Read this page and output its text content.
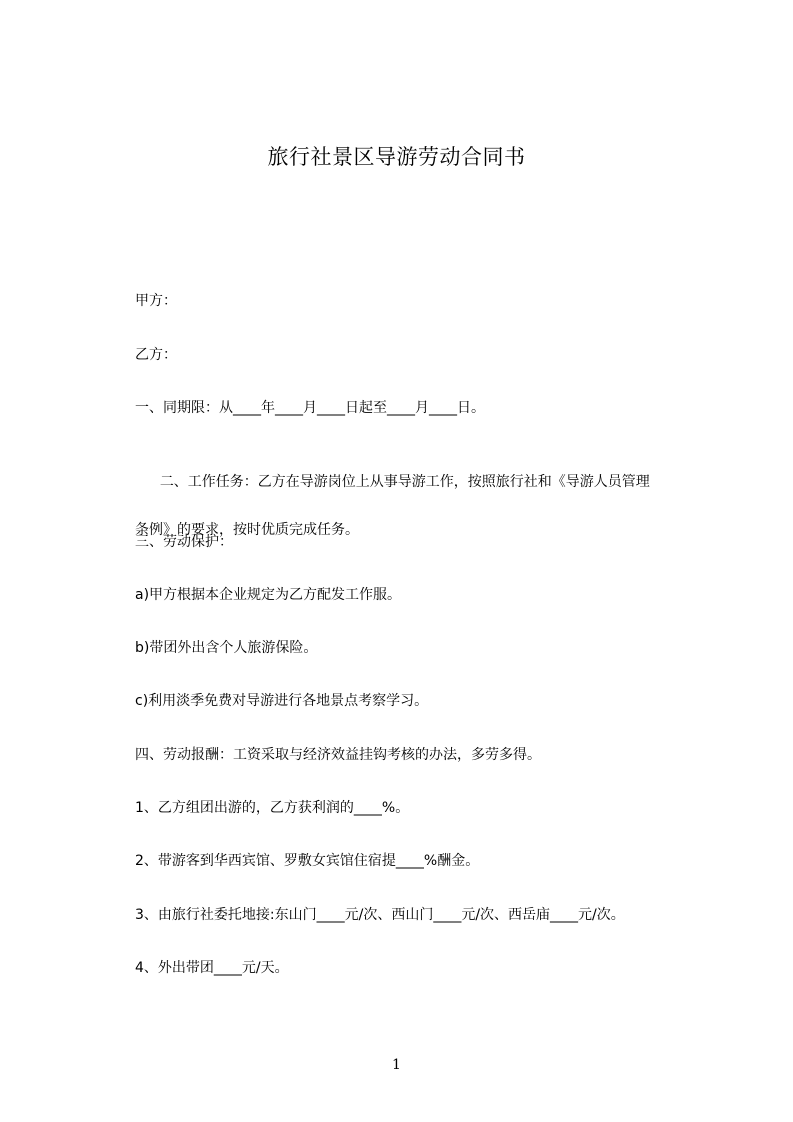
旅行社景区导游劳动合同书
甲方：
乙方：
一、同期限：从____年____月____日起至____月____日。

二、工作任务：乙方在导游岗位上从事导游工作，按照旅行社和《导游人员管理

条例》的要求，按时优质完成任务。

三、劳动保护：
a)甲方根据本企业规定为乙方配发工作服。
b)带团外出含个人旅游保险。
c)利用淡季免费对导游进行各地景点考察学习。
四、劳动报酬：工资采取与经济效益挂钩考核的办法，多劳多得。
1、乙方组团出游的，乙方获利润的____%。
2、带游客到华西宾馆、罗敷女宾馆住宿提____%酬金。
3、由旅行社委托地接:东山门____元/次、西山门____元/次、西岳庙____元/次。
4、外出带团____元/天。
1
